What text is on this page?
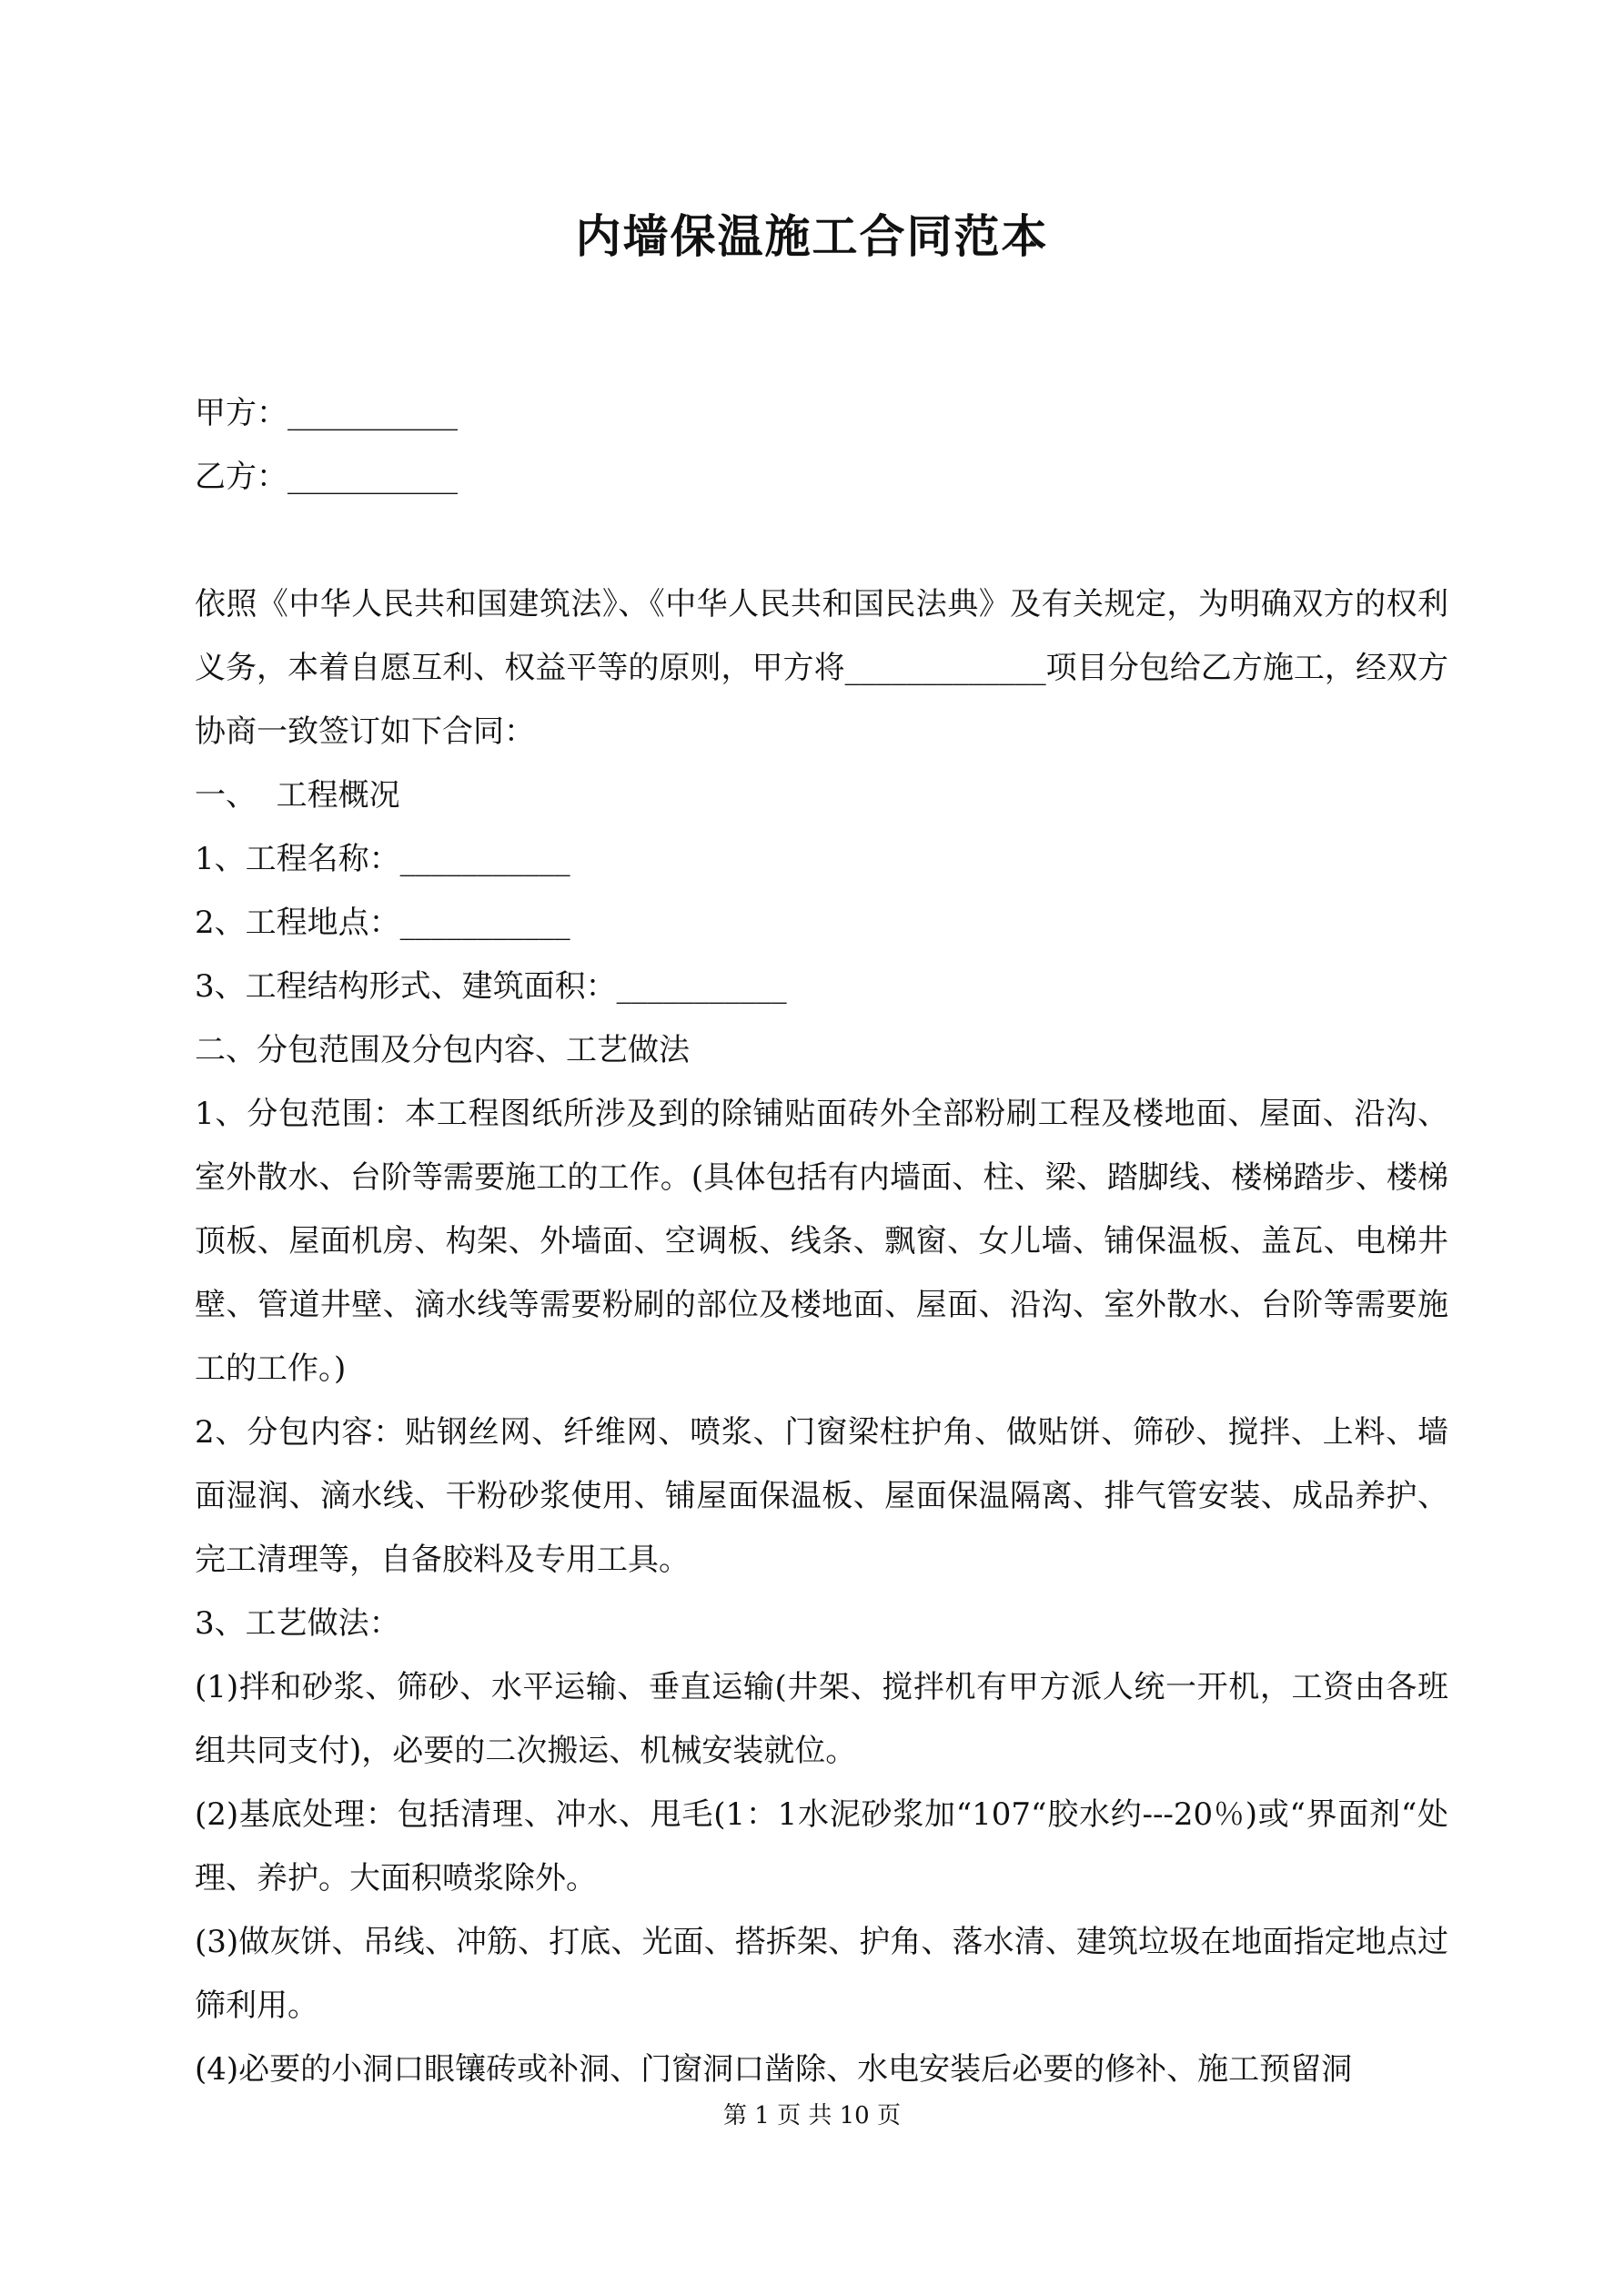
内墙保温施工合同范本
甲方：___________
乙方：___________
依照《中华人民共和国建筑法》、《中华人民共和国民法典》及有关规定，为明确双方的权利义务，本着自愿互利、权益平等的原则，甲方将_____________项目分包给乙方施工，经双方协商一致签订如下合同：
一、  工程概况
1、工程名称：___________
2、工程地点：___________
3、工程结构形式、建筑面积：___________
二、分包范围及分包内容、工艺做法
1、分包范围：本工程图纸所涉及到的除铺贴面砖外全部粉刷工程及楼地面、屋面、沿沟、室外散水、台阶等需要施工的工作。(具体包括有内墙面、柱、梁、踏脚线、楼梯踏步、楼梯顶板、屋面机房、构架、外墙面、空调板、线条、飘窗、女儿墙、铺保温板、盖瓦、电梯井壁、管道井壁、滴水线等需要粉刷的部位及楼地面、屋面、沿沟、室外散水、台阶等需要施工的工作。)
2、分包内容：贴钢丝网、纤维网、喷浆、门窗梁柱护角、做贴饼、筛砂、搅拌、上料、墙面湿润、滴水线、干粉砂浆使用、铺屋面保温板、屋面保温隔离、排气管安装、成品养护、完工清理等，自备胶料及专用工具。
3、工艺做法：
(1)拌和砂浆、筛砂、水平运输、垂直运输(井架、搅拌机有甲方派人统一开机，工资由各班组共同支付)，必要的二次搬运、机械安装就位。
(2)基底处理：包括清理、冲水、甩毛(1：1水泥砂浆加“107“胶水约---20％)或“界面剂“处理、养护。大面积喷浆除外。
(3)做灰饼、吊线、冲筋、打底、光面、搭拆架、护角、落水清、建筑垃圾在地面指定地点过筛利用。
(4)必要的小洞口眼镶砖或补洞、门窗洞口凿除、水电安装后必要的修补、施工预留洞
第 1 页 共 10 页
